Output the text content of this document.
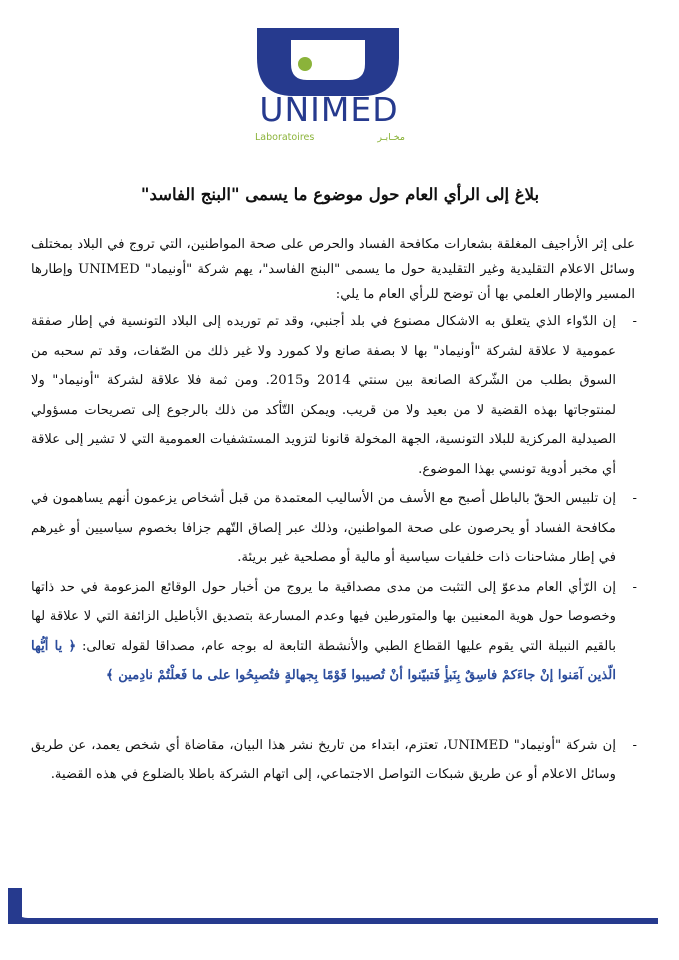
UNIMED
Laboratoires	مخـابـر
بلاغ إلى الرأي العام حول موضوع ما يسمى "البنج الفاسد"

على إثر الأراجيف المغلقة بشعارات مكافحة الفساد والحرص على صحة المواطنين، التي تروج في البلاد بمختلف وسائل الاعلام التقليدية وغير التقليدية حول ما يسمى "البنج الفاسد"، يهم شركة "أونيماد" UNIMED وإطارها المسير والإطار العلمي بها أن توضح للرأي العام ما يلي:

- إن الدّواء الذي يتعلق به الاشكال مصنوع في بلد أجنبي، وقد تم توريده إلى البلاد التونسية في إطار صفقة عمومية لا علاقة لشركة "أونيماد" بها لا بصفة صانع ولا كمورد ولا غير ذلك من الصّفات، وقد تم سحبه من السوق بطلب من الشّركة الصانعة بين سنتي 2014 و2015. ومن ثمة فلا علاقة لشركة "أونيماد" ولا لمنتوجاتها بهذه القضية لا من بعيد ولا من قريب. ويمكن التّأكد من ذلك بالرجوع إلى تصريحات مسؤولي الصيدلية المركزية للبلاد التونسية، الجهة المخولة قانونا لتزويد المستشفيات العمومية التي لا تشير إلى علاقة أي مخبر أدوية تونسي بهذا الموضوع.
- إن تلبيس الحقّ بالباطل أصبح مع الأسف من الأساليب المعتمدة من قبل أشخاص يزعمون أنهم يساهمون في مكافحة الفساد أو يحرصون على صحة المواطنين، وذلك عبر إلصاق التّهم جزافا بخصوم سياسيين أو غيرهم في إطار مشاحنات ذات خلفيات سياسية أو مالية أو مصلحية غير بريئة.
- إن الرّأي العام مدعوّ إلى التثبت من مدى مصداقية ما يروج من أخبار حول الوقائع المزعومة في حد ذاتها وخصوصا حول هوية المعنيين بها والمتورطين فيها وعدم المسارعة بتصديق الأباطيل الزائفة التي لا علاقة لها بالقيم النبيلة التي يقوم عليها القطاع الطبي والأنشطة التابعة له بوجه عام، مصداقا لقوله تعالى: ﴿ يا أيُّها الّذين آمَنوا إنْ جاءَكمْ فاسِقٌ بِنَبأٍ فَتبيّنوا أنْ تُصيبوا قَوْمًا بِجهالةٍ فتُصبِحُوا على ما فَعلْتُمْ نادِمين ﴾
- إن شركة "أونيماد" UNIMED، تعتزم، ابتداء من تاريخ نشر هذا البيان، مقاضاة أي شخص يعمد، عن طريق وسائل الاعلام أو عن طريق شبكات التواصل الاجتماعي، إلى اتهام الشركة باطلا بالضلوع في هذه القضية.
